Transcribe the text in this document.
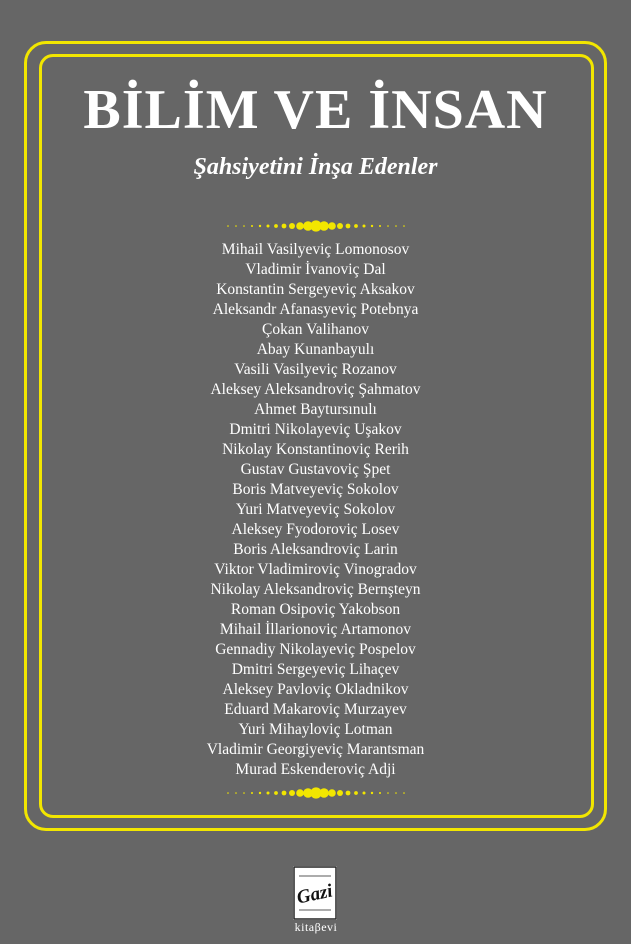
BİLİM VE İNSAN
Şahsiyetini İnşa Edenler
Mihail Vasilyeviç Lomonosov
Vladimir İvanoviç Dal
Konstantin Sergeyeviç Aksakov
Aleksandr Afanasyeviç Potebnya
Çokan Valihanov
Abay Kunanbayulı
Vasili Vasilyeviç Rozanov
Aleksey Aleksandroviç Şahmatov
Ahmet Baytursınulı
Dmitri Nikolayeviç Uşakov
Nikolay Konstantinoviç Rerih
Gustav Gustavoviç Şpet
Boris Matveyeviç Sokolov
Yuri Matveyeviç Sokolov
Aleksey Fyodoroviç Losev
Boris Aleksandroviç Larin
Viktor Vladimiroviç Vinogradov
Nikolay Aleksandroviç Bernşteyn
Roman Osipoviç Yakobson
Mihail İllarionoviç Artamonov
Gennadiy Nikolayeviç Pospelov
Dmitri Sergeyeviç Lihaçev
Aleksey Pavloviç Okladnikov
Eduard Makaroviç Murzayev
Yuri Mihayloviç Lotman
Vladimir Georgiyeviç Marantsman
Murad Eskenderoviç Adji
Gazi
kitaβevi
